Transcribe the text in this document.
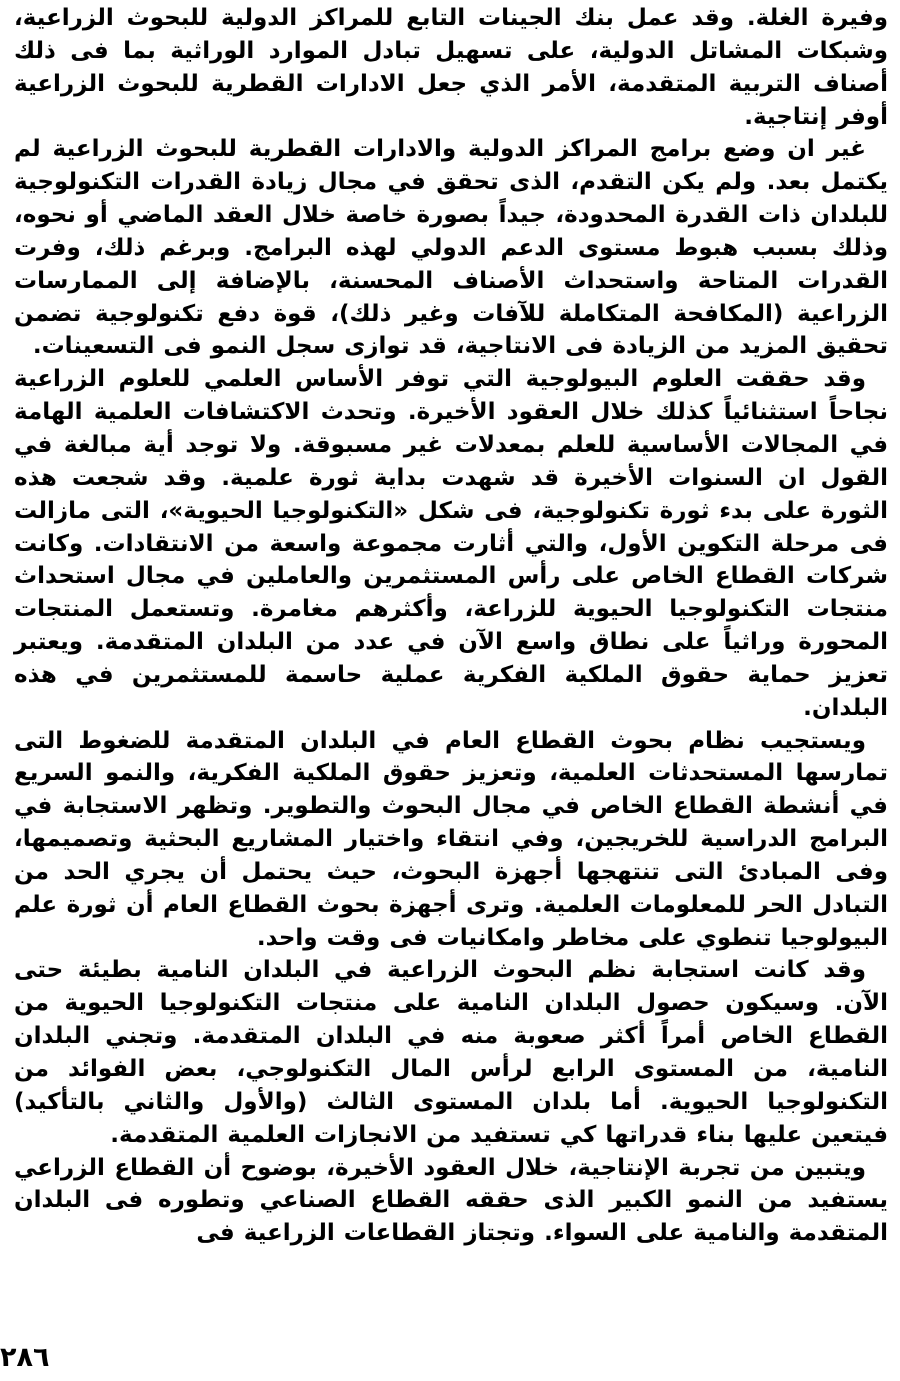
وفيرة الغلة. وقد عمل بنك الجينات التابع للمراكز الدولية للبحوث الزراعية، وشبكات المشاتل الدولية، على تسهيل تبادل الموارد الوراثية بما فى ذلك أصناف التربية المتقدمة، الأمر الذي جعل الادارات القطرية للبحوث الزراعية أوفر إنتاجية.

غير ان وضع برامج المراكز الدولية والادارات القطرية للبحوث الزراعية لم يكتمل بعد. ولم يكن التقدم، الذى تحقق في مجال زيادة القدرات التكنولوجية للبلدان ذات القدرة المحدودة، جيداً بصورة خاصة خلال العقد الماضي أو نحوه، وذلك بسبب هبوط مستوى الدعم الدولي لهذه البرامج. وبرغم ذلك، وفرت القدرات المتاحة واستحداث الأصناف المحسنة، بالإضافة إلى الممارسات الزراعية (المكافحة المتكاملة للآفات وغير ذلك)، قوة دفع تكنولوجية تضمن تحقيق المزيد من الزيادة فى الانتاجية، قد توازى سجل النمو فى التسعينات.

وقد حققت العلوم البيولوجية التي توفر الأساس العلمي للعلوم الزراعية نجاحاً استثنائياً كذلك خلال العقود الأخيرة. وتحدث الاكتشافات العلمية الهامة في المجالات الأساسية للعلم بمعدلات غير مسبوقة. ولا توجد أية مبالغة في القول ان السنوات الأخيرة قد شهدت بداية ثورة علمية. وقد شجعت هذه الثورة على بدء ثورة تكنولوجية، فى شكل «التكنولوجيا الحيوية»، التى مازالت فى مرحلة التكوين الأول، والتي أثارت مجموعة واسعة من الانتقادات. وكانت شركات القطاع الخاص على رأس المستثمرين والعاملين في مجال استحداث منتجات التكنولوجيا الحيوية للزراعة، وأكثرهم مغامرة. وتستعمل المنتجات المحورة وراثياً على نطاق واسع الآن في عدد من البلدان المتقدمة. ويعتبر تعزيز حماية حقوق الملكية الفكرية عملية حاسمة للمستثمرين في هذه البلدان.

ويستجيب نظام بحوث القطاع العام في البلدان المتقدمة للضغوط التى تمارسها المستحدثات العلمية، وتعزيز حقوق الملكية الفكرية، والنمو السريع في أنشطة القطاع الخاص في مجال البحوث والتطوير. وتظهر الاستجابة في البرامج الدراسية للخريجين، وفي انتقاء واختيار المشاريع البحثية وتصميمها، وفى المبادئ التى تنتهجها أجهزة البحوث، حيث يحتمل أن يجري الحد من التبادل الحر للمعلومات العلمية. وترى أجهزة بحوث القطاع العام أن ثورة علم البيولوجيا تنطوي على مخاطر وامكانيات فى وقت واحد.

وقد كانت استجابة نظم البحوث الزراعية في البلدان النامية بطيئة حتى الآن. وسيكون حصول البلدان النامية على منتجات التكنولوجيا الحيوية من القطاع الخاص أمراً أكثر صعوبة منه في البلدان المتقدمة. وتجني البلدان النامية، من المستوى الرابع لرأس المال التكنولوجي، بعض الفوائد من التكنولوجيا الحيوية. أما بلدان المستوى الثالث (والأول والثاني بالتأكيد) فيتعين عليها بناء قدراتها كي تستفيد من الانجازات العلمية المتقدمة.

ويتبين من تجربة الإنتاجية، خلال العقود الأخيرة، بوضوح أن القطاع الزراعي يستفيد من النمو الكبير الذى حققه القطاع الصناعي وتطوره فى البلدان المتقدمة والنامية على السواء. وتجتاز القطاعات الزراعية فى

٢٨٦
